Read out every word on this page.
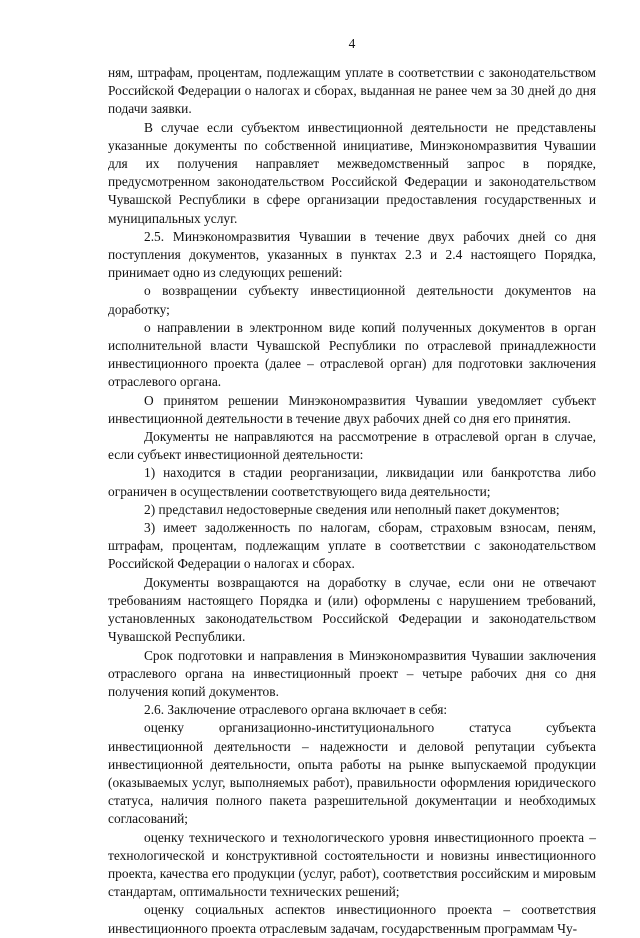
4

ням, штрафам, процентам, подлежащим уплате в соответствии с законодательством Российской Федерации о налогах и сборах, выданная не ранее чем за 30 дней до дня подачи заявки.

В случае если субъектом инвестиционной деятельности не представлены указанные документы по собственной инициативе, Минэкономразвития Чувашии для их получения направляет межведомственный запрос в порядке, предусмотренном законодательством Российской Федерации и законодательством Чувашской Республики в сфере организации предоставления государственных и муниципальных услуг.

2.5. Минэкономразвития Чувашии в течение двух рабочих дней со дня поступления документов, указанных в пунктах 2.3 и 2.4 настоящего Порядка, принимает одно из следующих решений:

о возвращении субъекту инвестиционной деятельности документов на доработку;

о направлении в электронном виде копий полученных документов в орган исполнительной власти Чувашской Республики по отраслевой принадлежности инвестиционного проекта (далее – отраслевой орган) для подготовки заключения отраслевого органа.

О принятом решении Минэкономразвития Чувашии уведомляет субъект инвестиционной деятельности в течение двух рабочих дней со дня его принятия.

Документы не направляются на рассмотрение в отраслевой орган в случае, если субъект инвестиционной деятельности:

1) находится в стадии реорганизации, ликвидации или банкротства либо ограничен в осуществлении соответствующего вида деятельности;

2) представил недостоверные сведения или неполный пакет документов;

3) имеет задолженность по налогам, сборам, страховым взносам, пеням, штрафам, процентам, подлежащим уплате в соответствии с законодательством Российской Федерации о налогах и сборах.

Документы возвращаются на доработку в случае, если они не отвечают требованиям настоящего Порядка и (или) оформлены с нарушением требований, установленных законодательством Российской Федерации и законодательством Чувашской Республики.

Срок подготовки и направления в Минэкономразвития Чувашии заключения отраслевого органа на инвестиционный проект – четыре рабочих дня со дня получения копий документов.

2.6. Заключение отраслевого органа включает в себя:

оценку организационно-институционального статуса субъекта инвестиционной деятельности – надежности и деловой репутации субъекта инвестиционной деятельности, опыта работы на рынке выпускаемой продукции (оказываемых услуг, выполняемых работ), правильности оформления юридического статуса, наличия полного пакета разрешительной документации и необходимых согласований;

оценку технического и технологического уровня инвестиционного проекта – технологической и конструктивной состоятельности и новизны инвестиционного проекта, качества его продукции (услуг, работ), соответствия российским и мировым стандартам, оптимальности технических решений;

оценку социальных аспектов инвестиционного проекта – соответствия инвестиционного проекта отраслевым задачам, государственным программам Чу-
